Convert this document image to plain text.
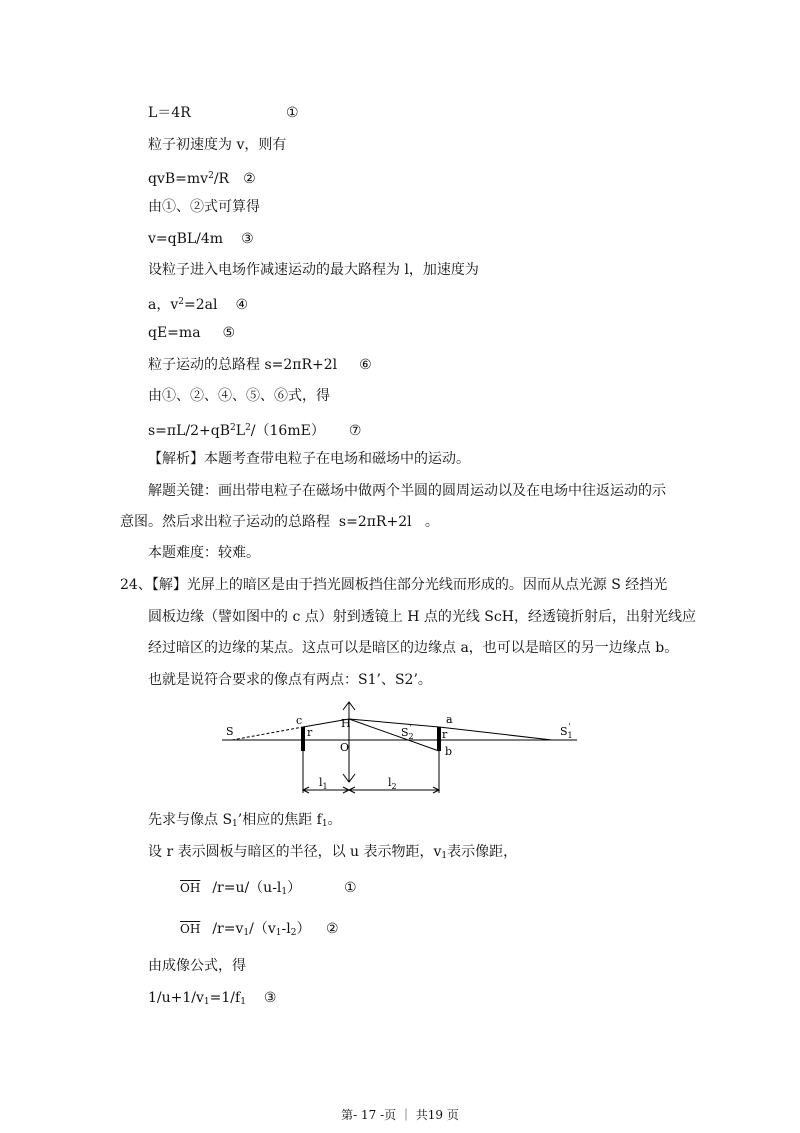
L＝4R	①
粒子初速度为 v，则有
$qvB=mv^2/R$ ②
由①、②式可算得
v=qBL/4m ③
设粒子进入电场作减速运动的最大路程为 l，加速度为
a，$v^2=2al$ ④
qE=ma ⑤
粒子运动的总路程 s=2πR+2l ⑥
由①、②、④、⑤、⑥式，得
$s=\pi L/2+qB^2L^2/(16mE)$ ⑦
【解析】本题考查带电粒子在电场和磁场中的运动。
解题关键：画出带电粒子在磁场中做两个半圆的圆周运动以及在电场中往返运动的示
意图。然后求出粒子运动的总路程  s=2πR+2l   。
本题难度：较难。
24、【解】光屏上的暗区是由于挡光圆板挡住部分光线而形成的。因而从点光源 S 经挡光
圆板边缘（譬如图中的 c 点）射到透镜上 H 点的光线 ScH，经透镜折射后，出射光线应
经过暗区的边缘的某点。这点可以是暗区的边缘点 a，也可以是暗区的另一边缘点 b。
也就是说符合要求的像点有两点：S1’、S2’。
S
c	H	a
r
O
$S_2'$
r
b
$S_1'$
$l_1$	$l_2$
先求与像点 $S_1$’相应的焦距 $f_1$。
设 r 表示圆板与暗区的半径，以 u 表示物距，$v_1$表示像距，
$\overline{OH}$ $/r=u/(u-l_1)$	①
$\overline{OH}$ $/r=v_1/(v_1-l_2)$ ②
由成像公式，得
$1/u+1/v_1=1/f_1$ ③
第- 17 -页 ｜ 共19 页
